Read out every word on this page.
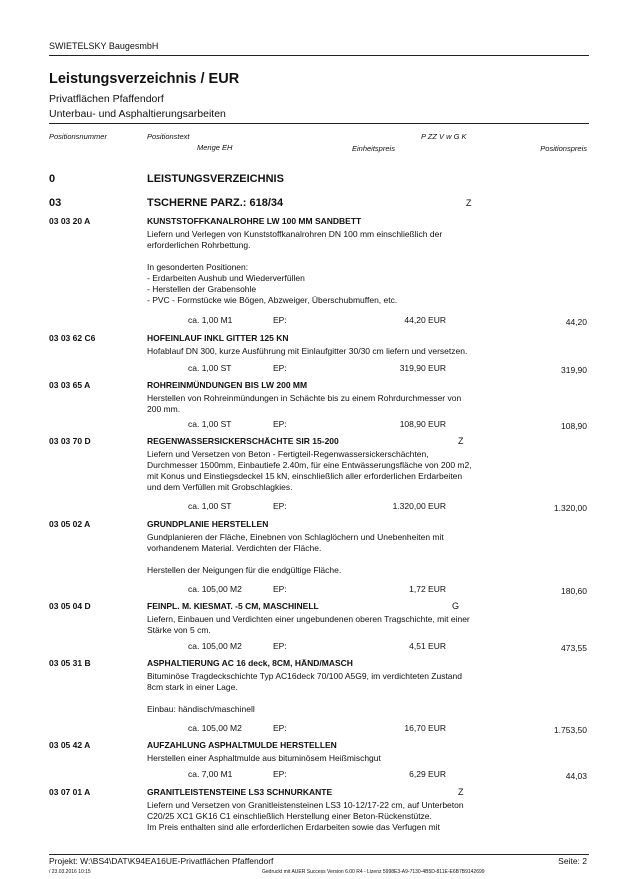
SWIETELSKY BaugesmbH
Leistungsverzeichnis / EUR
Privatflächen Pfaffendorf
Unterbau- und Asphaltierungsarbeiten
Positionsnummer	Positionstext	P ZZ V w G K
Menge EH	Einheitspreis	Positionspreis
0	LEISTUNGSVERZEICHNIS
03	TSCHERNE PARZ.: 618/34	Z
03 03 20 A	KUNSTSTOFFKANALROHRE LW 100 MM SANDBETT
Liefern und Verlegen von Kunststoffkanalrohren DN 100 mm einschließlich der
erforderlichen Rohrbettung.
In gesonderten Positionen:
- Erdarbeiten Aushub und Wiederverfüllen
- Herstellen der Grabensohle
- PVC - Formstücke wie Bögen, Abzweiger, Überschubmuffen, etc.
ca. 1,00 M1	EP:	44,20 EUR	44,20
03 03 62 C6	HOFEINLAUF INKL GITTER 125 KN
Hofablauf DN 300, kurze Ausführung mit Einlaufgitter 30/30 cm liefern und versetzen.
ca. 1,00 ST	EP:	319,90 EUR	319,90
03 03 65 A	ROHREINMÜNDUNGEN BIS LW 200 MM
Herstellen von Rohreinmündungen in Schächte bis zu einem Rohrdurchmesser von
200 mm.
ca. 1,00 ST	EP:	108,90 EUR	108,90
03 03 70 D	REGENWASSERSICKERSCHÄCHTE SIR 15-200	Z
Liefern und Versetzen von Beton - Fertigteil-Regenwassersickerschächten,
Durchmesser 1500mm, Einbautiefe 2.40m, für eine Entwässerungsfläche von 200 m2,
mit Konus und Einstiegsdeckel 15 kN, einschließlich aller erforderlichen Erdarbeiten
und dem Verfüllen mit Grobschlagkies.
ca. 1,00 ST	EP:	1.320,00 EUR	1.320,00
03 05 02 A	GRUNDPLANIE HERSTELLEN
Gundplanieren der Fläche, Einebnen von Schlaglöchern und Unebenheiten mit
vorhandenem Material. Verdichten der Fläche.
Herstellen der Neigungen für die endgültige Fläche.
ca. 105,00 M2	EP:	1,72 EUR	180,60
03 05 04 D	FEINPL. M. KIESMAT. -5 CM, MASCHINELL	G
Liefern, Einbauen und Verdichten einer ungebundenen oberen Tragschichte, mit einer
Stärke von 5 cm.
ca. 105,00 M2	EP:	4,51 EUR	473,55
03 05 31 B	ASPHALTIERUNG AC 16 deck, 8CM, HÄND/MASCH
Bituminöse Tragdeckschichte Typ AC16deck 70/100 A5G9, im verdichteten Zustand
8cm stark in einer Lage.
Einbau: händisch/maschinell
ca. 105,00 M2	EP:	16,70 EUR	1.753,50
03 05 42 A	AUFZAHLUNG ASPHALTMULDE HERSTELLEN
Herstellen einer Asphaltmulde aus bituminösem Heißmischgut
ca. 7,00 M1	EP:	6,29 EUR	44,03
03 07 01 A	GRANITLEISTENSTEINE LS3 SCHNURKANTE	Z
Liefern und Versetzen von Granitleistensteinen LS3 10-12/17-22 cm, auf Unterbeton
C20/25 XC1 GK16 C1 einschließlich Herstellung einer Beton-Rückenstütze.
Im Preis enthalten sind alle erforderlichen Erdarbeiten sowie das Verfugen mit
Projekt: W:\BS4\DAT\K94EA16UE-Privatflächen Pfaffendorf	Seite: 2
/ 23.03.2016 10:15	Gedruckt mit AUER Success Version 6.00 R4 - Lizenz 5998E3-A9-7130-4B5D-811E-E6B7B9142699
